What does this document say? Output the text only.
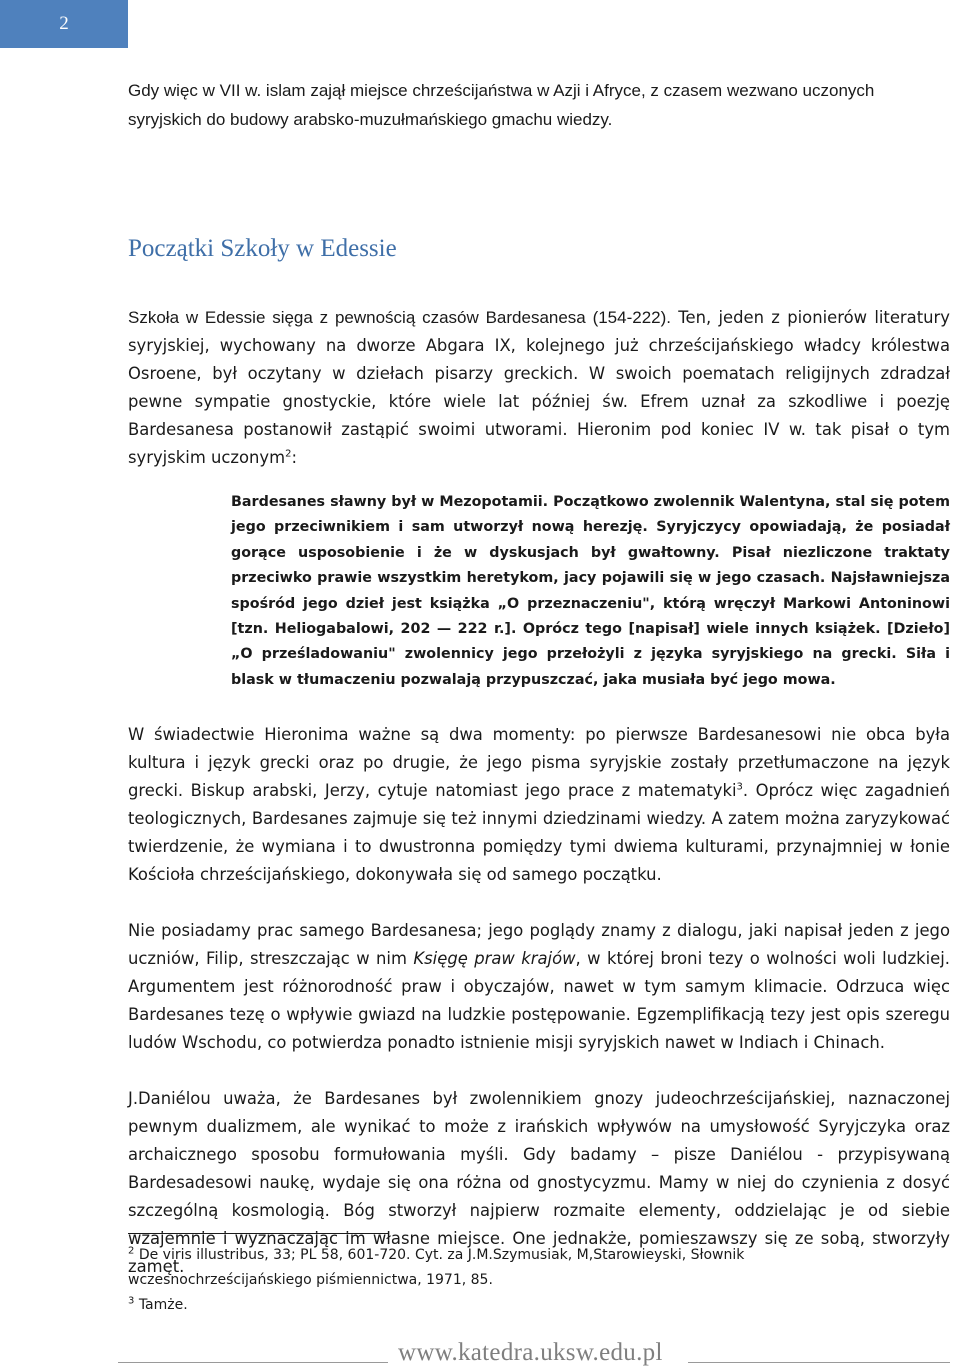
2

Gdy więc w VII w. islam zajął miejsce chrześcijaństwa w Azji i Afryce, z czasem wezwano uczonych syryjskich do budowy arabsko-muzułmańskiego gmachu wiedzy.

Początki Szkoły w Edessie

Szkoła w Edessie sięga z pewnością czasów Bardesanesa (154-222). Ten, jeden z pionierów literatury syryjskiej, wychowany na dworze Abgara IX, kolejnego już chrześcijańskiego władcy królestwa Osroene, był oczytany w dziełach pisarzy greckich. W swoich poematach religijnych zdradzał pewne sympatie gnostyckie, które wiele lat później św. Efrem uznał za szkodliwe i poezję Bardesanesa postanowił zastąpić swoimi utworami. Hieronim pod koniec IV w. tak pisał o tym syryjskim uczonym$^2$:

Bardesanes sławny był w Mezopotamii. Początkowo zwolennik Walentyna, stal się potem jego przeciwnikiem i sam utworzył nową herezję. Syryjczycy opowiadają, że posiadał gorące usposobienie i że w dyskusjach był gwałtowny. Pisał niezliczone traktaty przeciwko prawie wszystkim heretykom, jacy pojawili się w jego czasach. Najsławniejsza spośród jego dzieł jest książka „O przeznaczeniu", którą wręczył Markowi Antoninowi [tzn. Heliogabalowi, 202 — 222 r.]. Oprócz tego [napisał] wiele innych książek. [Dzieło] „O prześladowaniu" zwolennicy jego przełożyli z języka syryjskiego na grecki. Siła i blask w tłumaczeniu pozwalają przypuszczać, jaka musiała być jego mowa.

W świadectwie Hieronima ważne są dwa momenty: po pierwsze Bardesanesowi nie obca była kultura i język grecki oraz po drugie, że jego pisma syryjskie zostały przetłumaczone na język grecki. Biskup arabski, Jerzy, cytuje natomiast jego prace z matematyki$^3$. Oprócz więc zagadnień teologicznych, Bardesanes zajmuje się też innymi dziedzinami wiedzy. A zatem można zaryzykować twierdzenie, że wymiana i to dwustronna pomiędzy tymi dwiema kulturami, przynajmniej w łonie Kościoła chrześcijańskiego, dokonywała się od samego początku.

Nie posiadamy prac samego Bardesanesa; jego poglądy znamy z dialogu, jaki napisał jeden z jego uczniów, Filip, streszczając w nim Księgę praw krajów, w której broni tezy o wolności woli ludzkiej. Argumentem jest różnorodność praw i obyczajów, nawet w tym samym klimacie. Odrzuca więc Bardesanes tezę o wpływie gwiazd na ludzkie postępowanie. Egzemplifikacją tezy jest opis szeregu ludów Wschodu, co potwierdza ponadto istnienie misji syryjskich nawet w Indiach i Chinach.

J.Daniélou uważa, że Bardesanes był zwolennikiem gnozy judeochrześcijańskiej, naznaczonej pewnym dualizmem, ale wynikać to może z irańskich wpływów na umysłowość Syryjczyka oraz archaicznego sposobu formułowania myśli. Gdy badamy – pisze Daniélou - przypisywaną Bardesadesowi naukę, wydaje się ona różna od gnostycyzmu. Mamy w niej do czynienia z dosyć szczególną kosmologią. Bóg stworzył najpierw rozmaite elementy, oddzielając je od siebie wzajemnie i wyznaczając im własne miejsce. One jednakże, pomieszawszy się ze sobą, stworzyły zamęt.

$^2$ De viris illustribus, 33; PL 58, 601-720. Cyt. za J.M.Szymusiak, M,Starowieyski, Słownik wczesnochrześcijańskiego piśmiennictwa, 1971, 85.

$^3$ Tamże.

www.katedra.uksw.edu.pl
